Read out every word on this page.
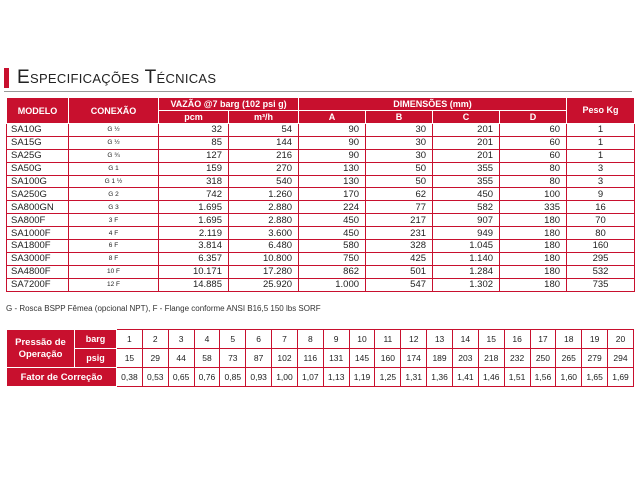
Especificações Técnicas
MODELO	CONEXÃO	VAZÃO @7 barg (102 psi g)		DIMENSÕES (mm)				Peso Kg
		pcm	m³/h	A	B	C	D	
SA10G	G ½	32	54	90	30	201	60	1
SA15G	G ½	85	144	90	30	201	60	1
SA25G	G ¾	127	216	90	30	201	60	1
SA50G	G 1	159	270	130	50	355	80	3
SA100G	G 1 ½	318	540	130	50	355	80	3
SA250G	G 2	742	1.260	170	62	450	100	9
SA800GN	G 3	1.695	2.880	224	77	582	335	16
SA800F	3 F	1.695	2.880	450	217	907	180	70
SA1000F	4 F	2.119	3.600	450	231	949	180	80
SA1800F	6 F	3.814	6.480	580	328	1.045	180	160
SA3000F	8 F	6.357	10.800	750	425	1.140	180	295
SA4800F	10 F	10.171	17.280	862	501	1.284	180	532
SA7200F	12 F	14.885	25.920	1.000	547	1.302	180	735
G - Rosca BSPP Fêmea (opcional NPT), F - Flange conforme ANSI B16,5 150 lbs SORF
Pressão de Operação	barg	1	2	3	4	5	6	7	8	9	10	11	12	13	14	15	16	17	18	19	20
	psig	15	29	44	58	73	87	102	116	131	145	160	174	189	203	218	232	250	265	279	294
Fator de Correção		0,38	0,53	0,65	0,76	0,85	0,93	1,00	1,07	1,13	1,19	1,25	1,31	1,36	1,41	1,46	1,51	1,56	1,60	1,65	1,69
